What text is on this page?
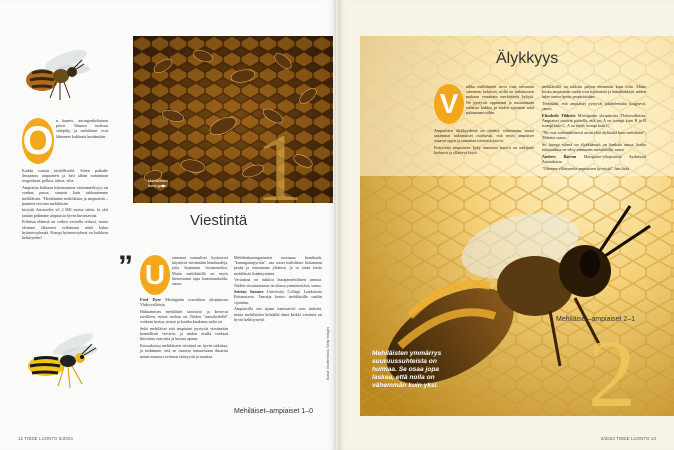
O n kaunis, auringonkeltainen päivä. Ilmassa tuoksuu siitepöly, ja mehiläiset ovat lähteneet kukkasia keräämään.

Kaikki tuntuu täydelliseltä. Sitten paikalle ilmaantuu ampiainen ja heti tähän toimintaan reagoidaan: pelkoa, inhoa, viha.

Ampiaisia kohtaan kokemamme vastenmielisyys on vanhaa perua, samoin kuin rakkautemme mehiläisiin. "Herätämme mehiläisiin ja ampiaisiin – puutteet eritoten mehiläisiin

kirjoitti Aristoteles yli 2 000 vuotta sitten. Ja yhä tänään pidämme ampiaisia hyvin kuvottavina.

Erilaisia eläimiä on vaikea vertailla reilusti, mutta olemme lähteneet tutkimaan näitä kahta hyönteisryhmää. Kumpi hyönteisryhmä on kaikkein kehittynein?

Mehiläisten kuningatar
Viestintä 1
” U

seimmat sosiaaliset hyönteiset käyttävät viestintään kemikaaleja, joita kutsutaan feromoneiksi. Mutta mehiläisillä on myös hienostunut tapa kommunikoida, sanoo

Fred Dyer Michiganin osavaltion yliopistosta Yhdysvalloista.

Huhuamisen mehiläiset tanssivat ja kertovat toisilleen, missä ruokaa on. Niiden "tanssikielellä" voidaan kertoa, missä ja kuinka kaukana ruoka on.

Sekä mehiläiset että ampiaiset pystyvät viestimään kemiallisin viestein, ja niiden avulla voidaan ilmoittaa vaaroista ja kutsua apuun.

Kuvauksissa mehiläisten viestintä on hyvin tutkittua, ja tiedämme, että ne osaavat tanssiessaan ilmaista muun muassa ravinnon etäisyyttä ja suuntaa.

Mehiläiskuningattarien tuottama kemikaali, "kuningatarpyrräst", saa toiset mehiläiset hoitamaan pesää ja toimimaan yhdessä, ja se estää toisia mehiläisiä lisääntymästä.

Vertaisina on tutkittu hunajamehiläisen tanssia. Niiden viestintätanssi on alussa ymmärrettävä, sanoo

Seirian Sumner University College Londonista Britanniasta. Tanssija kertoo mehiläisille saaliin sijainnin.

Ampiaisilla sen sijaan tuntosarvet ovat tärkeitä, mutta mehiläisten kohdalla tämä kaikki viestintä on hyvin kehittynyttä.

Mehiläiset–ampiaiset 1–0
12 TIEDE LUONTO 5/2024
Älykkyys
V

aikka mehiläisten aivot ovat seesamin siemenen kokoiset, niillä on tutkimusten mukaan verrattain merkittäviä kykyjä. Ne pystyvät oppimaan ja muistamaan erilaisia kukkia ja niiden sijainnin sekä palaamaan niihin.

Ampiaisten älykkyydestä on tiedetty vähemmän, mutta uusimmat tutkimukset osoittavat, että myös ampiaiset osaavat oppia ja tunnistaa toistensa kasvot.

Erityisesti ampiaisten kyky tunnistaa kasvot on tutkijoita kiehtova ja yllättävä löytö.

mehiläisillä on tutkittu paljon enemmän kuin niitä. Mutta koska ampiaisten saaliit ovat hyönteisiä ja hämähäkkejä, niiden tulee tuntea hyvin ympäristöään.

Tiedetään, että ampiaiset pystyvät päättelemään loogisesti, sanoo

Elizabeth Tibbetts Michiganin yliopistosta Yhdysvalloista. Ampiaiset osaavat päätellä, että jos A on isompi kuin B ja B isompi kuin C, A on myös isompi kuin C.

"Ne ovat todennäköisesti aivan yhtä älykkäitä kuin mehiläiset", Tibbetts sanoo.

Se, kumpi ryhmä on älykkäämpi, on hankala sanoa, koska tutkimuksia on tehty enemmän mehiläisillä, sanoo

Andrew Barron Macquarie-yliopistosta Sydneystä Australiasta.

"Olemme yllättyneitä ampiaisten kyvyistä", hän lisää.

Mehiläiset–ampiaiset 2–1
Mehiläisten ymmärrys suuruussuhteista on huimaa. Se osaa jopa laskea, että nolla on vähemmän kuin yksi.
Kuvat: Shutterstock, Getty Images	2
5/2024 TIEDE LUONTO 13
